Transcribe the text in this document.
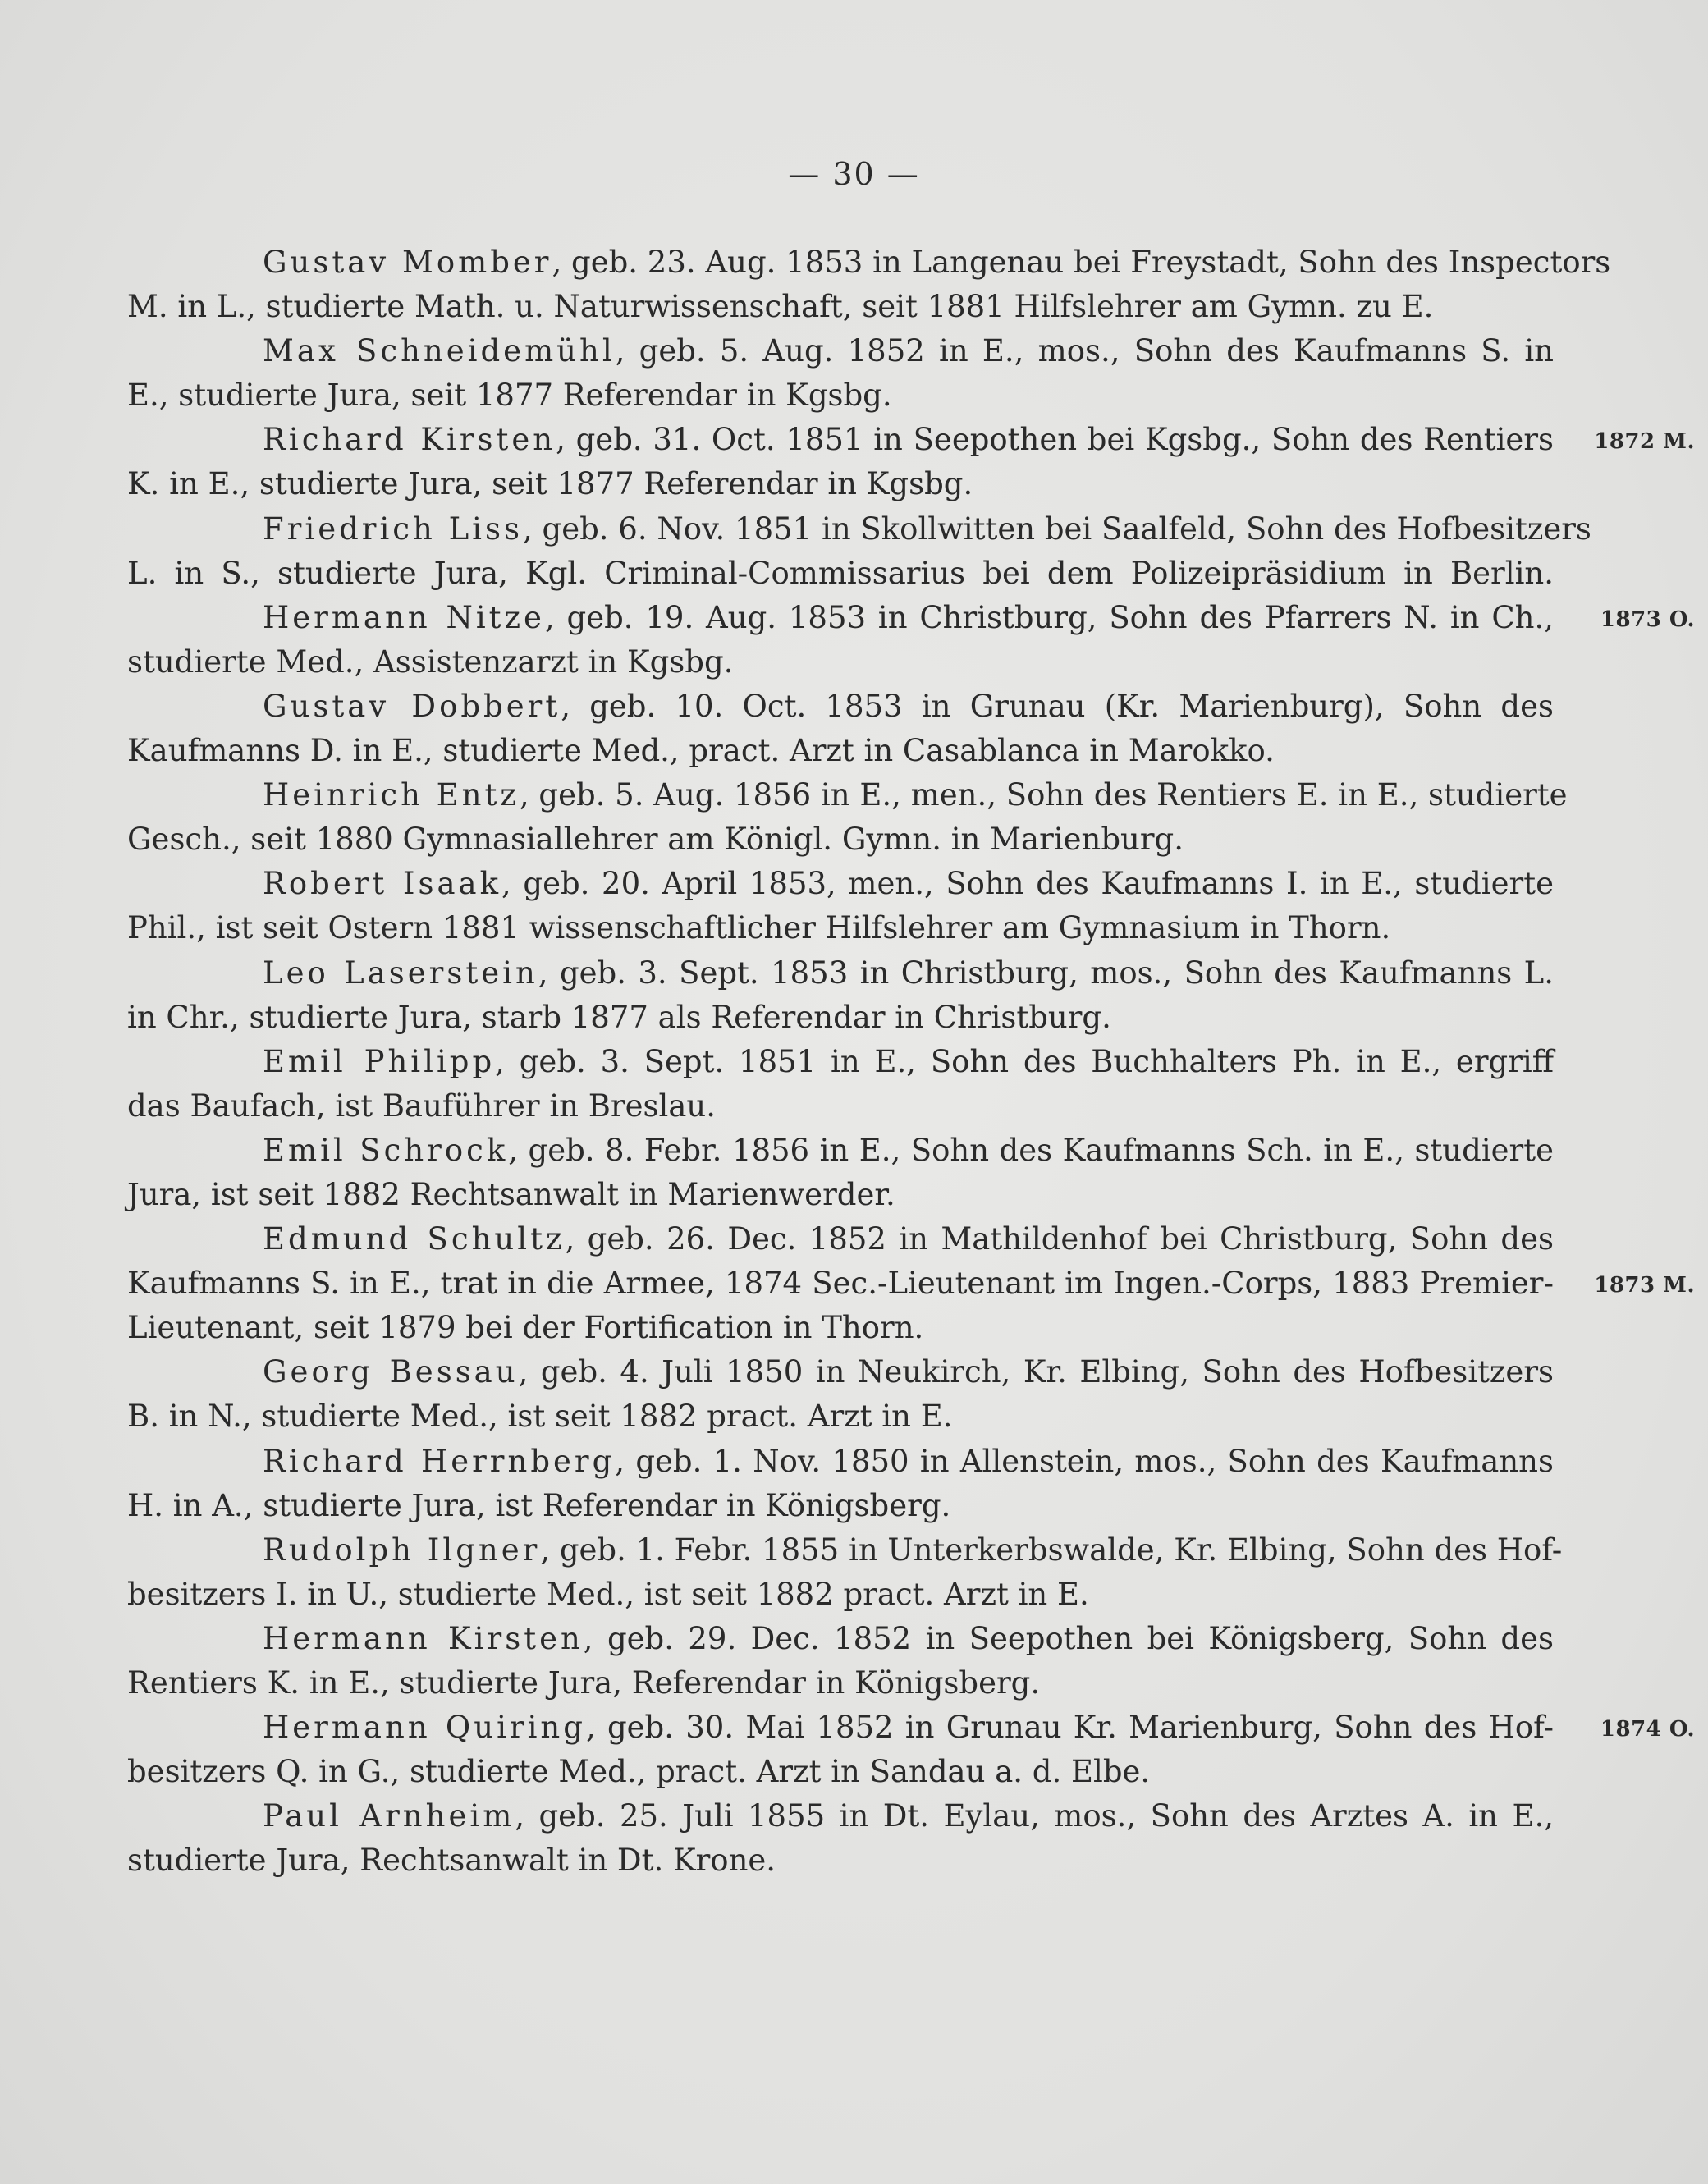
— 30 —
Gustav Momber, geb. 23. Aug. 1853 in Langenau bei Freystadt, Sohn des Inspectors
M. in L., studierte Math. u. Naturwissenschaft, seit 1881 Hilfslehrer am Gymn. zu E.
Max Schneidemühl, geb. 5. Aug. 1852 in E., mos., Sohn des Kaufmanns S. in
E., studierte Jura, seit 1877 Referendar in Kgsbg.
Richard Kirsten, geb. 31. Oct. 1851 in Seepothen bei Kgsbg., Sohn des Rentiers 1872 M.
K. in E., studierte Jura, seit 1877 Referendar in Kgsbg.
Friedrich Liss, geb. 6. Nov. 1851 in Skollwitten bei Saalfeld, Sohn des Hofbesitzers
L. in S., studierte Jura, Kgl. Criminal-Commissarius bei dem Polizeipräsidium in Berlin.
Hermann Nitze, geb. 19. Aug. 1853 in Christburg, Sohn des Pfarrers N. in Ch., 1873 O.
studierte Med., Assistenzarzt in Kgsbg.
Gustav Dobbert, geb. 10. Oct. 1853 in Grunau (Kr. Marienburg), Sohn des
Kaufmanns D. in E., studierte Med., pract. Arzt in Casablanca in Marokko.
Heinrich Entz, geb. 5. Aug. 1856 in E., men., Sohn des Rentiers E. in E., studierte
Gesch., seit 1880 Gymnasiallehrer am Königl. Gymn. in Marienburg.
Robert Isaak, geb. 20. April 1853, men., Sohn des Kaufmanns I. in E., studierte
Phil., ist seit Ostern 1881 wissenschaftlicher Hilfslehrer am Gymnasium in Thorn.
Leo Laserstein, geb. 3. Sept. 1853 in Christburg, mos., Sohn des Kaufmanns L.
in Chr., studierte Jura, starb 1877 als Referendar in Christburg.
Emil Philipp, geb. 3. Sept. 1851 in E., Sohn des Buchhalters Ph. in E., ergriff
das Baufach, ist Bauführer in Breslau.
Emil Schrock, geb. 8. Febr. 1856 in E., Sohn des Kaufmanns Sch. in E., studierte
Jura, ist seit 1882 Rechtsanwalt in Marienwerder.
Edmund Schultz, geb. 26. Dec. 1852 in Mathildenhof bei Christburg, Sohn des
Kaufmanns S. in E., trat in die Armee, 1874 Sec.-Lieutenant im Ingen.-Corps, 1883 Premier- 1873 M.
Lieutenant, seit 1879 bei der Fortification in Thorn.
Georg Bessau, geb. 4. Juli 1850 in Neukirch, Kr. Elbing, Sohn des Hofbesitzers
B. in N., studierte Med., ist seit 1882 pract. Arzt in E.
Richard Herrnberg, geb. 1. Nov. 1850 in Allenstein, mos., Sohn des Kaufmanns
H. in A., studierte Jura, ist Referendar in Königsberg.
Rudolph Ilgner, geb. 1. Febr. 1855 in Unterkerbswalde, Kr. Elbing, Sohn des Hof-
besitzers I. in U., studierte Med., ist seit 1882 pract. Arzt in E.
Hermann Kirsten, geb. 29. Dec. 1852 in Seepothen bei Königsberg, Sohn des
Rentiers K. in E., studierte Jura, Referendar in Königsberg.
Hermann Quiring, geb. 30. Mai 1852 in Grunau Kr. Marienburg, Sohn des Hof- 1874 O.
besitzers Q. in G., studierte Med., pract. Arzt in Sandau a. d. Elbe.
Paul Arnheim, geb. 25. Juli 1855 in Dt. Eylau, mos., Sohn des Arztes A. in E.,
studierte Jura, Rechtsanwalt in Dt. Krone.
